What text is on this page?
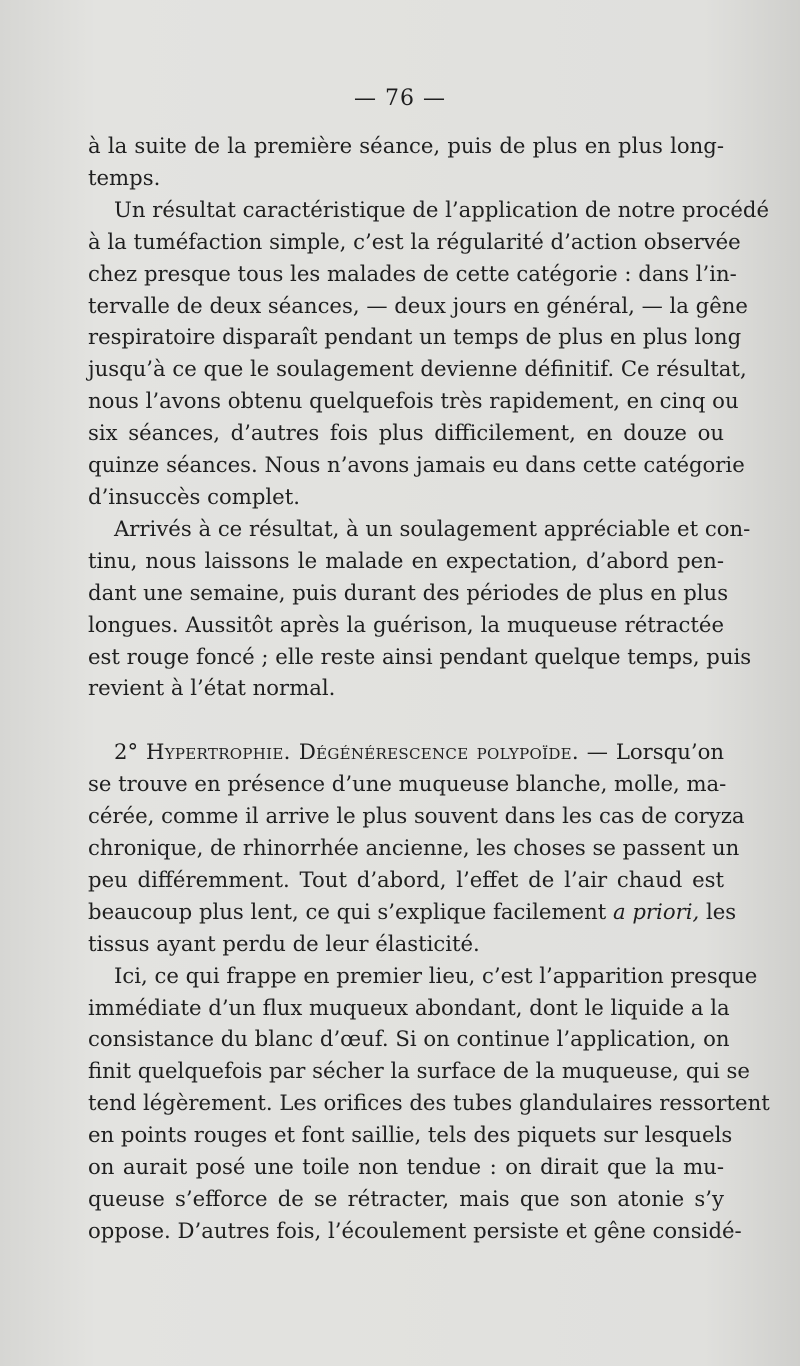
— 76 —

à la suite de la première séance, puis de plus en plus long-
temps.

Un résultat caractéristique de l’application de notre procédé
à la tuméfaction simple, c’est la régularité d’action observée
chez presque tous les malades de cette catégorie : dans l’in-
tervalle de deux séances, — deux jours en général, — la gêne
respiratoire disparaît pendant un temps de plus en plus long
jusqu’à ce que le soulagement devienne définitif. Ce résultat,
nous l’avons obtenu quelquefois très rapidement, en cinq ou
six séances, d’autres fois plus difficilement, en douze ou
quinze séances. Nous n’avons jamais eu dans cette catégorie
d’insuccès complet.

Arrivés à ce résultat, à un soulagement appréciable et con-
tinu, nous laissons le malade en expectation, d’abord pen-
dant une semaine, puis durant des périodes de plus en plus
longues. Aussitôt après la guérison, la muqueuse rétractée
est rouge foncé ; elle reste ainsi pendant quelque temps, puis
revient à l’état normal.

2° Hypertrophie. Dégénérescence polypoïde. — Lorsqu’on
se trouve en présence d’une muqueuse blanche, molle, ma-
cérée, comme il arrive le plus souvent dans les cas de coryza
chronique, de rhinorrhée ancienne, les choses se passent un
peu différemment. Tout d’abord, l’effet de l’air chaud est
beaucoup plus lent, ce qui s’explique facilement a priori, les
tissus ayant perdu de leur élasticité.

Ici, ce qui frappe en premier lieu, c’est l’apparition presque
immédiate d’un flux muqueux abondant, dont le liquide a la
consistance du blanc d’œuf. Si on continue l’application, on
finit quelquefois par sécher la surface de la muqueuse, qui se
tend légèrement. Les orifices des tubes glandulaires ressortent
en points rouges et font saillie, tels des piquets sur lesquels
on aurait posé une toile non tendue : on dirait que la mu-
queuse s’efforce de se rétracter, mais que son atonie s’y
oppose. D’autres fois, l’écoulement persiste et gêne considé-
